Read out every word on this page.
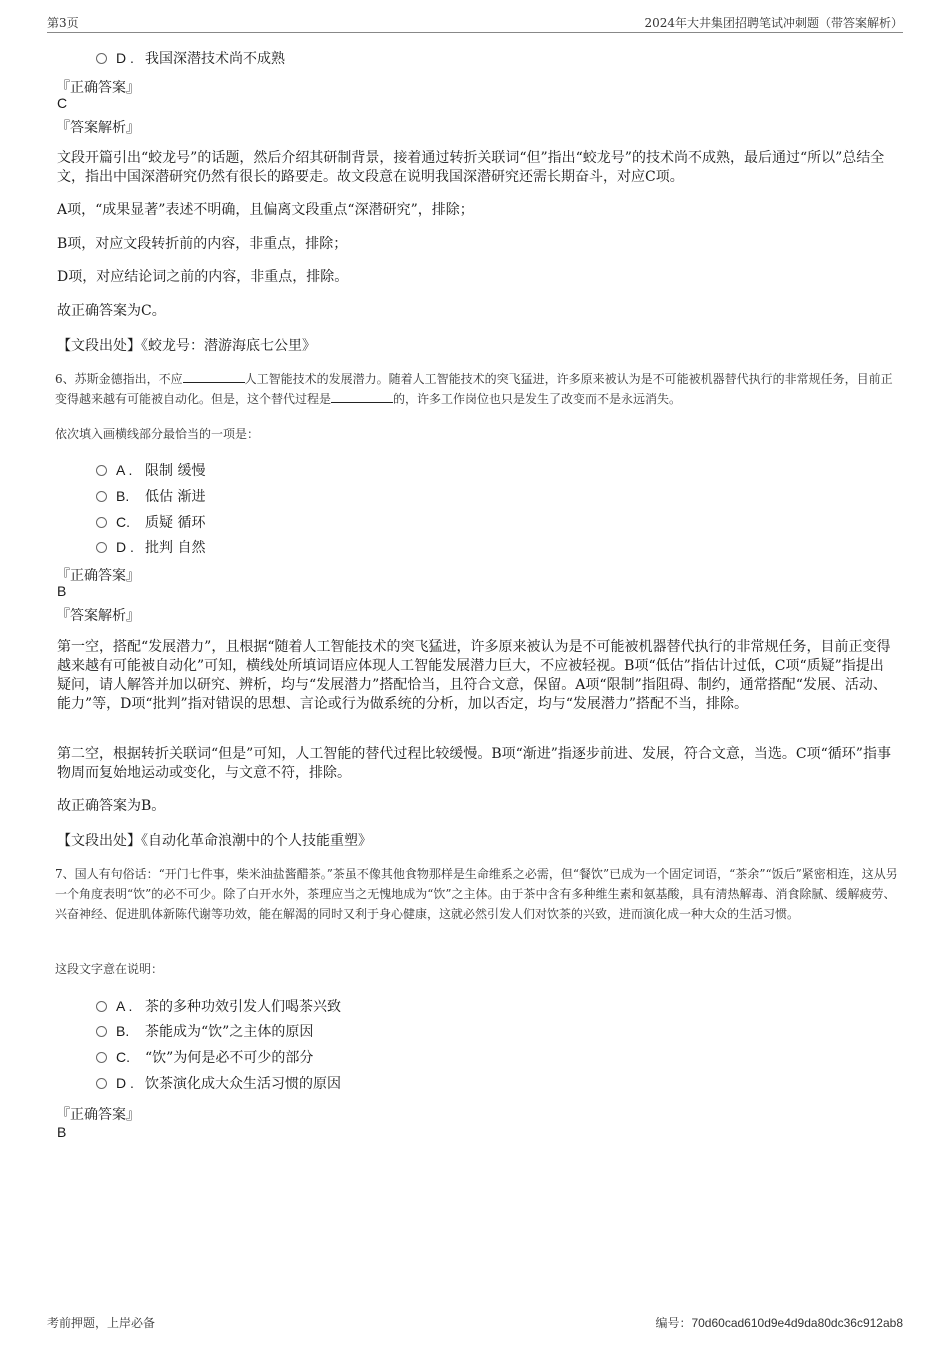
第3页	2024年大井集团招聘笔试冲刺题（带答案解析）
D . 我国深潜技术尚不成熟
『正确答案』
C
『答案解析』
文段开篇引出“蛟龙号”的话题，然后介绍其研制背景，接着通过转折关联词“但”指出“蛟龙号”的技术尚不成熟，最后通过“所以”总结全文，指出中国深潜研究仍然有很长的路要走。故文段意在说明我国深潜研究还需长期奋斗，对应C项。
A项，“成果显著”表述不明确，且偏离文段重点“深潜研究”，排除；
B项，对应文段转折前的内容，非重点，排除；
D项，对应结论词之前的内容，非重点，排除。
故正确答案为C。
【文段出处】《蛟龙号：潜游海底七公里》
6、苏斯金德指出，不应	人工智能技术的发展潜力。随着人工智能技术的突飞猛进，许多原来被认为是不可能被机器替代执行的非常规任务，目前正变得越来越有可能被自动化。但是，这个替代过程是	的，许多工作岗位也只是发生了改变而不是永远消失。
依次填入画横线部分最恰当的一项是：
A . 限制 缓慢
B. 低估 渐进
C. 质疑 循环
D . 批判 自然
『正确答案』
B
『答案解析』
第一空，搭配“发展潜力”，且根据“随着人工智能技术的突飞猛进，许多原来被认为是不可能被机器替代执行的非常规任务，目前正变得越来越有可能被自动化”可知，横线处所填词语应体现人工智能发展潜力巨大，不应被轻视。B项“低估”指估计过低，C项“质疑”指提出疑问，请人解答并加以研究、辨析，均与“发展潜力”搭配恰当，且符合文意，保留。A项“限制”指阻碍、制约，通常搭配“发展、活动、能力”等，D项“批判”指对错误的思想、言论或行为做系统的分析，加以否定，均与“发展潜力”搭配不当，排除。
第二空，根据转折关联词“但是”可知，人工智能的替代过程比较缓慢。B项“渐进”指逐步前进、发展，符合文意，当选。C项“循环”指事物周而复始地运动或变化，与文意不符，排除。
故正确答案为B。
【文段出处】《自动化革命浪潮中的个人技能重塑》
7、国人有句俗话：“开门七件事，柴米油盐酱醋茶。”茶虽不像其他食物那样是生命维系之必需，但“餐饮”已成为一个固定词语，“茶余”“饭后”紧密相连，这从另一个角度表明“饮”的必不可少。除了白开水外，茶理应当之无愧地成为“饮”之主体。由于茶中含有多种维生素和氨基酸，具有清热解毒、消食除腻、缓解疲劳、兴奋神经、促进肌体新陈代谢等功效，能在解渴的同时又利于身心健康，这就必然引发人们对饮茶的兴致，进而演化成一种大众的生活习惯。
这段文字意在说明：
A . 茶的多种功效引发人们喝茶兴致
B. 茶能成为“饮”之主体的原因
C. “饮”为何是必不可少的部分
D . 饮茶演化成大众生活习惯的原因
『正确答案』
B
考前押题，上岸必备	编号：70d60cad610d9e4d9da80dc36c912ab8
